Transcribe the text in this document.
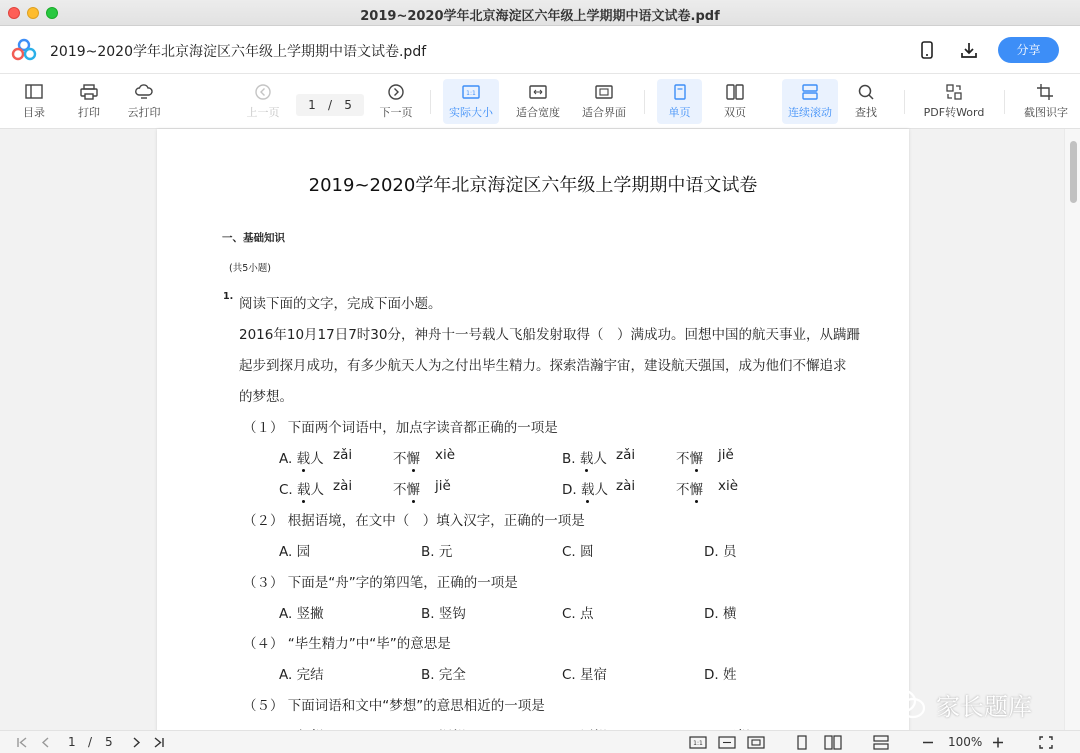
2019~2020学年北京海淀区六年级上学期期中语文试卷.pdf
2019~2020学年北京海淀区六年级上学期期中语文试卷.pdf	分享
目录	打印	云打印	上一页
1 / 5
下一页
1:1
实际大小	适合宽度	适合界面	单页	双页	连续滚动	查找	PDF转Word	截图识字
2019~2020学年北京海淀区六年级上学期期中语文试卷
一、基础知识
(共5小题)
1. 阅读下面的文字，完成下面小题。
2016年10月17日7时30分，神舟十一号载人飞船发射取得（　）满成功。回想中国的航天事业，从蹒跚
起步到探月成功，有多少航天人为之付出毕生精力。探索浩瀚宇宙，建设航天强国，成为他们不懈追求
的梦想。
（１） 下面两个词语中，加点字读音都正确的一项是
A. 载人 zǎi	不懈 xiè	B. 载人 zǎi	不懈 jiě
C. 载人 zài	不懈 jiě	D. 载人 zài	不懈 xiè
（２） 根据语境，在文中（　）填入汉字，正确的一项是
A. 园	B. 元	C. 圆	D. 员
（３） 下面是“舟”字的第四笔，正确的一项是
A. 竖撇	B. 竖钩	C. 点	D. 横
（４） “毕生精力”中“毕”的意思是
A. 完结	B. 完全	C. 星宿	D. 姓
（５） 下面词语和文中“梦想”的意思相近的一项是	家长题库
1 / 5	1:1	100%
